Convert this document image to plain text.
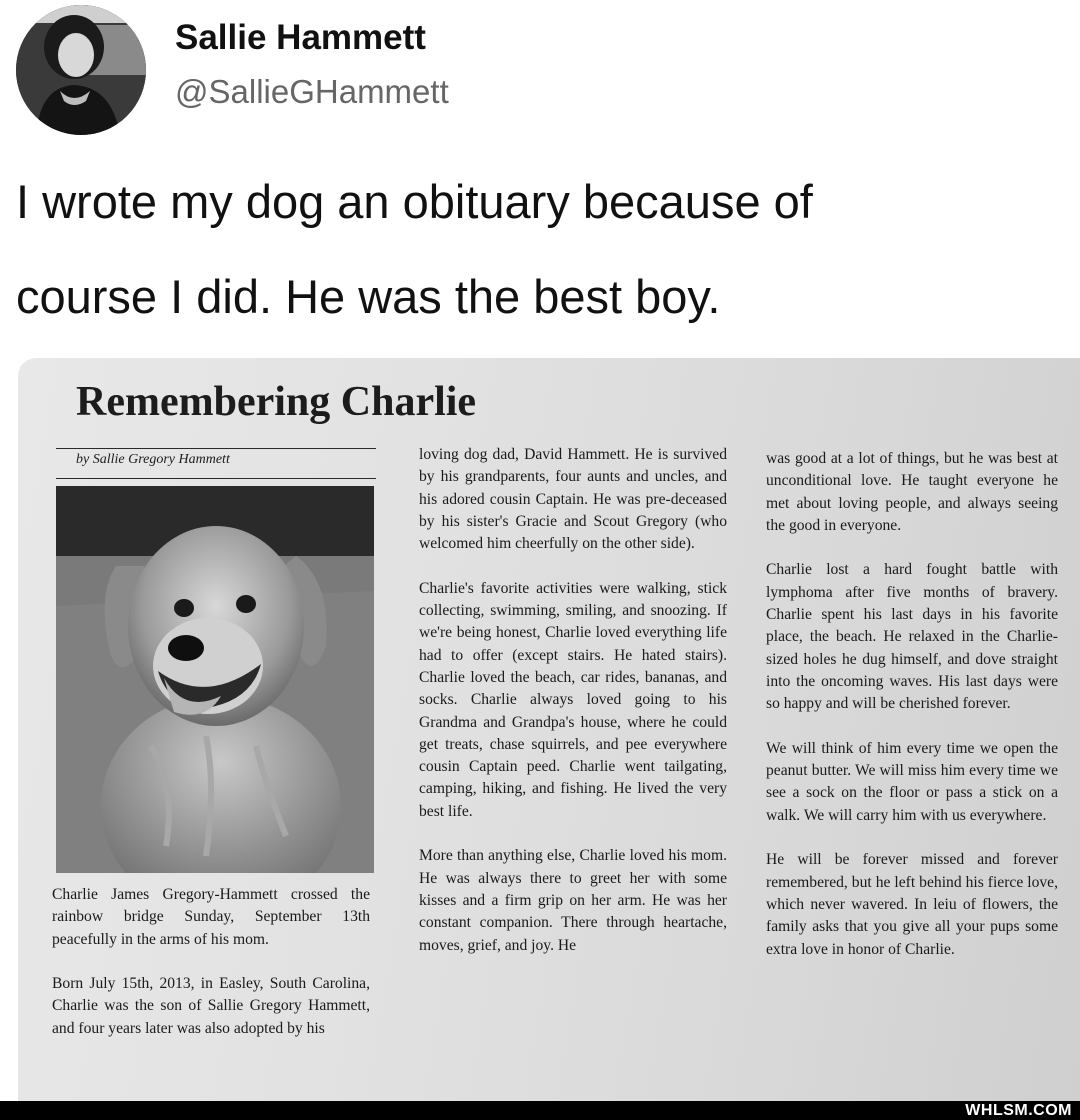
Sallie Hammett
@SallieGHammett
I wrote my dog an obituary because of
course I did. He was the best boy.
Remembering Charlie
by Sallie Gregory Hammett

Charlie James Gregory-Hammett crossed the rainbow bridge Sunday, September 13th peacefully in the arms of his mom.

Born July 15th, 2013, in Easley, South Carolina, Charlie was the son of Sallie Gregory Hammett, and four years later was also adopted by his

loving dog dad, David Hammett. He is survived by his grandparents, four aunts and uncles, and his adored cousin Captain. He was pre-deceased by his sister's Gracie and Scout Gregory (who welcomed him cheerfully on the other side).

Charlie's favorite activities were walking, stick collecting, swimming, smiling, and snoozing. If we're being honest, Charlie loved everything life had to offer (except stairs. He hated stairs). Charlie loved the beach, car rides, bananas, and socks. Charlie always loved going to his Grandma and Grandpa's house, where he could get treats, chase squirrels, and pee everywhere cousin Captain peed. Charlie went tailgating, camping, hiking, and fishing. He lived the very best life.

More than anything else, Charlie loved his mom. He was always there to greet her with some kisses and a firm grip on her arm. He was her constant companion. There through heartache, moves, grief, and joy. He

was good at a lot of things, but he was best at unconditional love. He taught everyone he met about loving people, and always seeing the good in everyone.

Charlie lost a hard fought battle with lymphoma after five months of bravery. Charlie spent his last days in his favorite place, the beach. He relaxed in the Charlie-sized holes he dug himself, and dove straight into the oncoming waves. His last days were so happy and will be cherished forever.

We will think of him every time we open the peanut butter. We will miss him every time we see a sock on the floor or pass a stick on a walk. We will carry him with us everywhere.

He will be forever missed and forever remembered, but he left behind his fierce love, which never wavered. In leiu of flowers, the family asks that you give all your pups some extra love in honor of Charlie.

WHLSM.COM
